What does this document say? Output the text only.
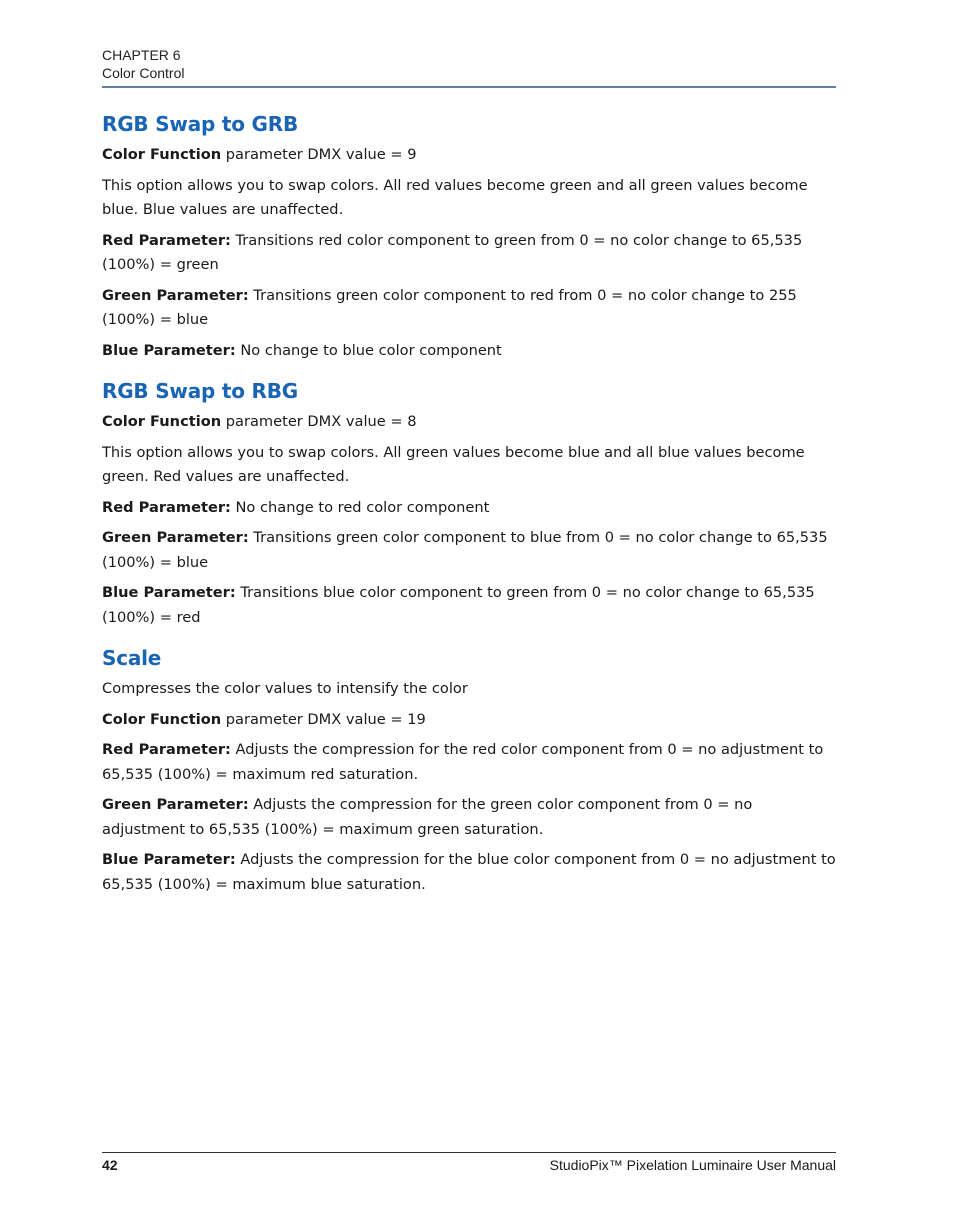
CHAPTER 6
Color Control
RGB Swap to GRB

Color Function parameter DMX value = 9

This option allows you to swap colors. All red values become green and all green values become blue. Blue values are unaffected.

Red Parameter: Transitions red color component to green from 0 = no color change to 65,535 (100%) = green

Green Parameter: Transitions green color component to red from 0 = no color change to 255 (100%) = blue

Blue Parameter: No change to blue color component

RGB Swap to RBG

Color Function parameter DMX value = 8

This option allows you to swap colors. All green values become blue and all blue values become green. Red values are unaffected.

Red Parameter: No change to red color component

Green Parameter: Transitions green color component to blue from 0 = no color change to 65,535 (100%) = blue

Blue Parameter: Transitions blue color component to green from 0 = no color change to 65,535 (100%) = red

Scale

Compresses the color values to intensify the color

Color Function parameter DMX value = 19

Red Parameter: Adjusts the compression for the red color component from 0 = no adjustment to 65,535 (100%) = maximum red saturation.

Green Parameter: Adjusts the compression for the green color component from 0 = no adjustment to 65,535 (100%) = maximum green saturation.

Blue Parameter: Adjusts the compression for the blue color component from 0 = no adjustment to 65,535 (100%) = maximum blue saturation.

42	StudioPix™ Pixelation Luminaire User Manual
